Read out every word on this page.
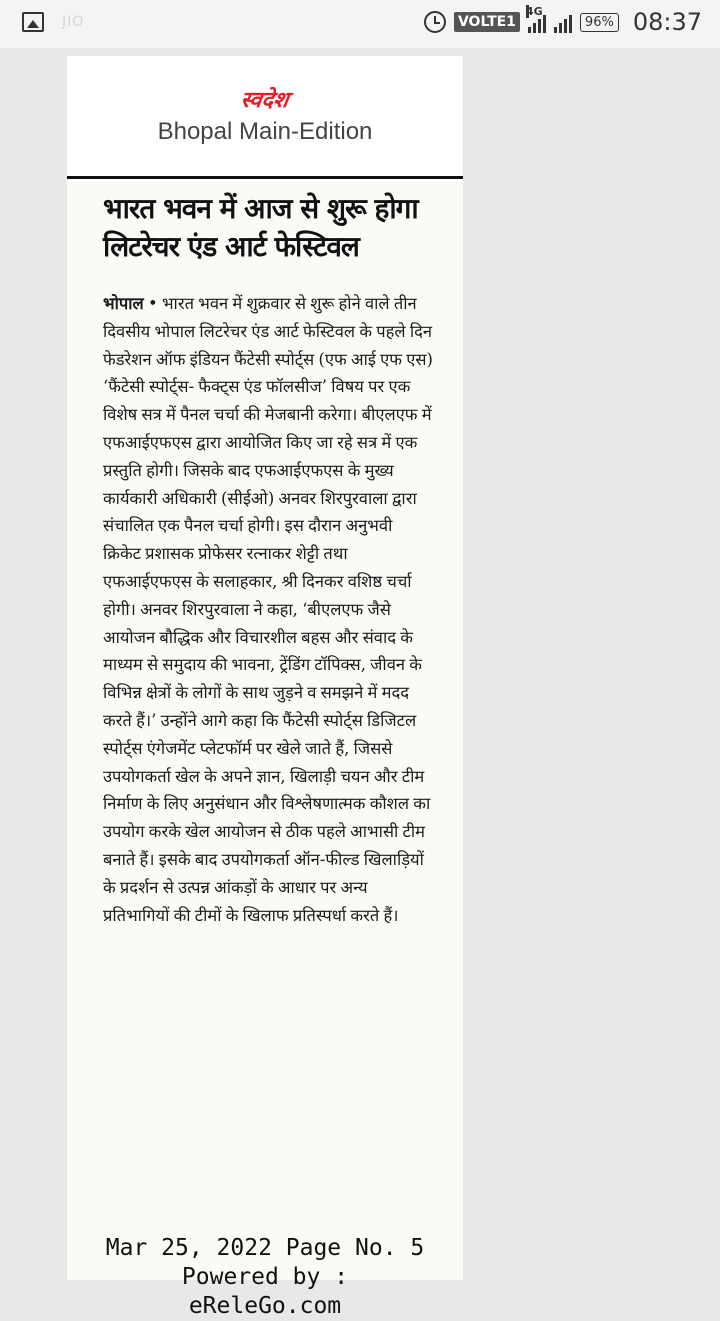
JIO	VOLTE1
4G
96% 08:37
स्वदेश
Bhopal Main-Edition
भारत भवन में आज से शुरू होगा लिटरेचर एंड आर्ट फेस्टिवल
भोपाल • भारत भवन में शुक्रवार से शुरू होने वाले तीन दिवसीय भोपाल लिटरेचर एंड आर्ट फेस्टिवल के पहले दिन फेडरेशन ऑफ इंडियन फैंटेसी स्पोर्ट्स (एफ आई एफ एस) ‘फैंटेसी स्पोर्ट्स- फैक्ट्स एंड फॉलसीज’ विषय पर एक विशेष सत्र में पैनल चर्चा की मेजबानी करेगा। बीएलएफ में एफआईएफएस द्वारा आयोजित किए जा रहे सत्र में एक प्रस्तुति होगी। जिसके बाद एफआईएफएस के मुख्य कार्यकारी अधिकारी (सीईओ) अनवर शिरपुरवाला द्वारा संचालित एक पैनल चर्चा होगी। इस दौरान अनुभवी क्रिकेट प्रशासक प्रोफेसर रत्नाकर शेट्टी तथा एफआईएफएस के सलाहकार, श्री दिनकर वशिष्ठ चर्चा होगी। अनवर शिरपुरवाला ने कहा, ‘बीएलएफ जैसे आयोजन बौद्धिक और विचारशील बहस और संवाद के माध्यम से समुदाय की भावना, ट्रेंडिंग टॉपिक्स, जीवन के विभिन्न क्षेत्रों के लोगों के साथ जुड़ने व समझने में मदद करते हैं।’ उन्होंने आगे कहा कि फैंटेसी स्पोर्ट्स डिजिटल स्पोर्ट्स एंगेजमेंट प्लेटफॉर्म पर खेले जाते हैं, जिससे उपयोगकर्ता खेल के अपने ज्ञान, खिलाड़ी चयन और टीम निर्माण के लिए अनुसंधान और विश्लेषणात्मक कौशल का उपयोग करके खेल आयोजन से ठीक पहले आभासी टीम बनाते हैं। इसके बाद उपयोगकर्ता ऑन-फील्ड खिलाड़ियों के प्रदर्शन से उत्पन्न आंकड़ों के आधार पर अन्य प्रतिभागियों की टीमों के खिलाफ प्रतिस्पर्धा करते हैं।
Mar 25, 2022 Page No. 5
Powered by :
eReleGo.com
